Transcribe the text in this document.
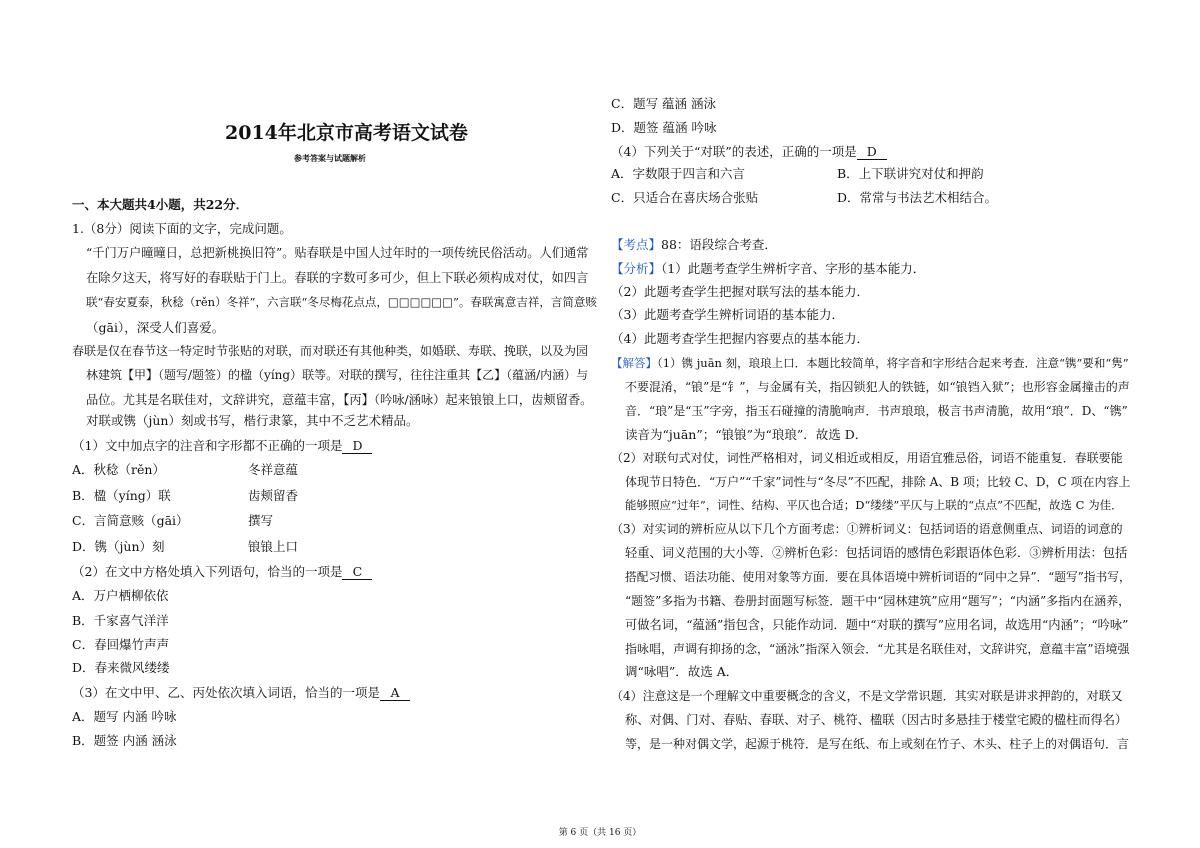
2014年北京市高考语文试卷
参考答案与试题解析
一、本大题共4小题，共22分．
1.（8分）阅读下面的文字，完成问题。
“千门万户曈曈日，总把新桃换旧符”。贴春联是中国人过年时的一项传统民俗活动。人们通常
在除夕这天，将写好的春联贴于门上。春联的字数可多可少，但上下联必须构成对仗，如四言
联“春安夏泰，秋稔（rěn）冬祥”，六言联“冬尽梅花点点，□□□□□□”。春联寓意吉祥，言简意赅
（gāi），深受人们喜爱。
春联是仅在春节这一特定时节张贴的对联，而对联还有其他种类，如婚联、寿联、挽联，以及为园
林建筑【甲】（题写/题签）的楹（yíng）联等。对联的撰写，往往注重其【乙】（蕴涵/内涵）与
品位。尤其是名联佳对，文辞讲究，意蕴丰富，【丙】（吟咏/涵咏）起来锒锒上口，齿颊留香。
对联或镌（jùn）刻或书写，楷行隶篆，其中不乏艺术精品。
（1）文中加点字的注音和字形都不正确的一项是 D
A．秋稔（rěn）	冬祥意蕴
B．楹（yíng）联	齿颊留香
C．言简意赅（gāi）	撰写
D．镌（jùn）刻	锒锒上口
（2）在文中方格处填入下列语句，恰当的一项是 C
A．万户栖柳依依
B．千家喜气洋洋
C．春回爆竹声声
D．春来微风缕缕
（3）在文中甲、乙、丙处依次填入词语，恰当的一项是 A
A．题写 内涵 吟咏
B．题签 内涵 涵泳
C．题写 蕴涵 涵泳
D．题签 蕴涵 吟咏
（4）下列关于“对联”的表述，正确的一项是 D
A．字数限于四言和六言	B．上下联讲究对仗和押韵
C．只适合在喜庆场合张贴	D．常常与书法艺术相结合。
【考点】88：语段综合考查．
【分析】（1）此题考查学生辨析字音、字形的基本能力．
（2）此题考查学生把握对联写法的基本能力．
（3）此题考查学生辨析词语的基本能力．
（4）此题考查学生把握内容要点的基本能力．
【解答】（1）镌 juān 刻，琅琅上口．本题比较简单，将字音和字形结合起来考查．注意“镌”要和“隽”
不要混淆，“锒”是“钅”，与金属有关，指囚锁犯人的铁链，如“锒铛入狱”；也形容金属撞击的声
音．“琅”是“玉”字旁，指玉石碰撞的清脆响声．书声琅琅，极言书声清脆，故用“琅”．D、“镌”
读音为“juān”；“锒锒”为“琅琅”．故选 D．
（2）对联句式对仗，词性严格相对，词义相近或相反，用语宜雅忌俗，词语不能重复．春联要能
体现节日特色．“万户”“千家”词性与“冬尽”不匹配，排除 A、B 项；比较 C、D，C 项在内容上
能够照应“过年”，词性、结构、平仄也合适；D“缕缕”平仄与上联的“点点”不匹配，故选 C 为佳．
（3）对实词的辨析应从以下几个方面考虑：①辨析词义：包括词语的语意侧重点、词语的词意的
轻重、词义范围的大小等．②辨析色彩：包括词语的感情色彩跟语体色彩．③辨析用法：包括
搭配习惯、语法功能、使用对象等方面．要在具体语境中辨析词语的“同中之异”．“题写”指书写，
“题签”多指为书籍、卷册封面题写标签．题干中“园林建筑”应用“题写”；“内涵”多指内在涵养，
可做名词，“蕴涵”指包含，只能作动词．题中“对联的撰写”应用名词，故选用“内涵”；“吟咏”
指咏唱，声调有抑扬的念，“涵泳”指深入领会．“尤其是名联佳对，文辞讲究，意蕴丰富”语境强
调“咏唱”．故选 A．
（4）注意这是一个理解文中重要概念的含义，不是文学常识题．其实对联是讲求押韵的，对联又
称、对偶、门对、春贴、春联、对子、桃符、楹联（因古时多悬挂于楼堂宅殿的楹柱而得名）
等，是一种对偶文学，起源于桃符．是写在纸、布上或刻在竹子、木头、柱子上的对偶语句．言
第 6 页（共 16 页）
